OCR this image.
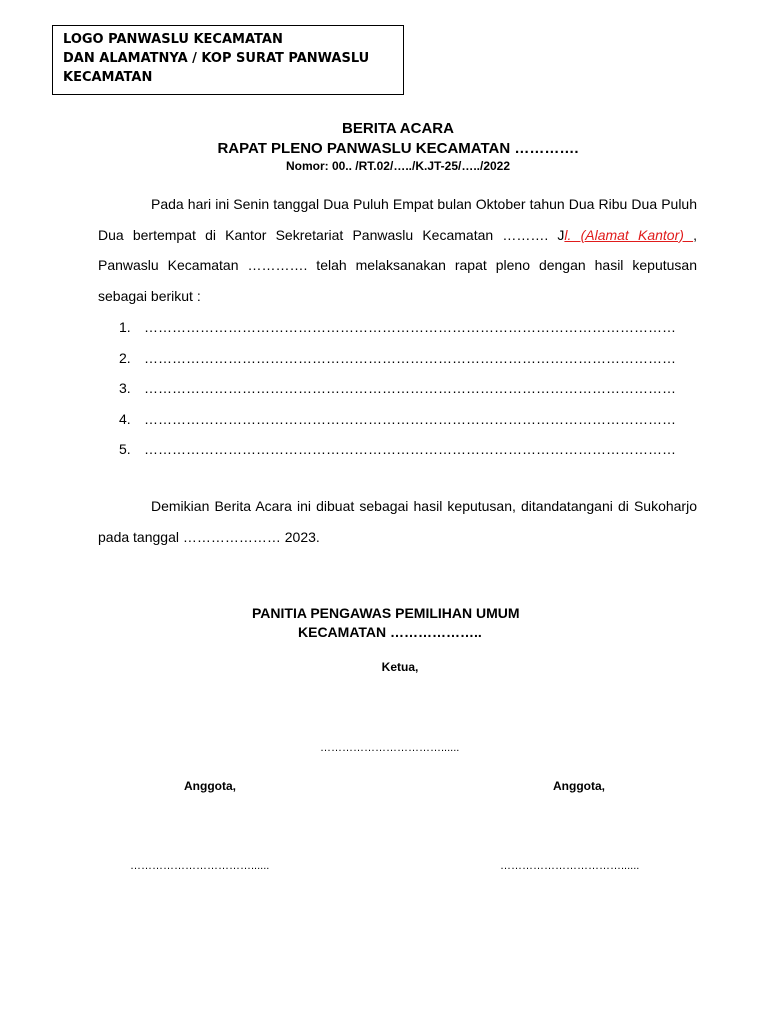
LOGO PANWASLU KECAMATAN
DAN ALAMATNYA / KOP SURAT PANWASLU
KECAMATAN
BERITA ACARA
RAPAT PLENO PANWASLU KECAMATAN ………….
Nomor: 00.. /RT.02/…../K.JT-25/…../2022
Pada hari ini Senin tanggal Dua Puluh Empat bulan Oktober tahun Dua Ribu Dua Puluh Dua bertempat di Kantor Sekretariat Panwaslu Kecamatan ………. Jl. (Alamat Kantor) , Panwaslu Kecamatan …………. telah melaksanakan rapat pleno dengan hasil keputusan sebagai berikut :
1. ……………………………………………………………………………………………………
2. ……………………………………………………………………………………………………
3. ……………………………………………………………………………………………………
4. ……………………………………………………………………………………………………
5. ……………………………………………………………………………………………………
Demikian Berita Acara ini dibuat sebagai hasil keputusan, ditandatangani di Sukoharjo pada tanggal ………………… 2023.
PANITIA PENGAWAS PEMILIHAN UMUM
KECAMATAN ………………..
Ketua,
……………………………......
Anggota,	Anggota,
……………………………......	……………………………......
